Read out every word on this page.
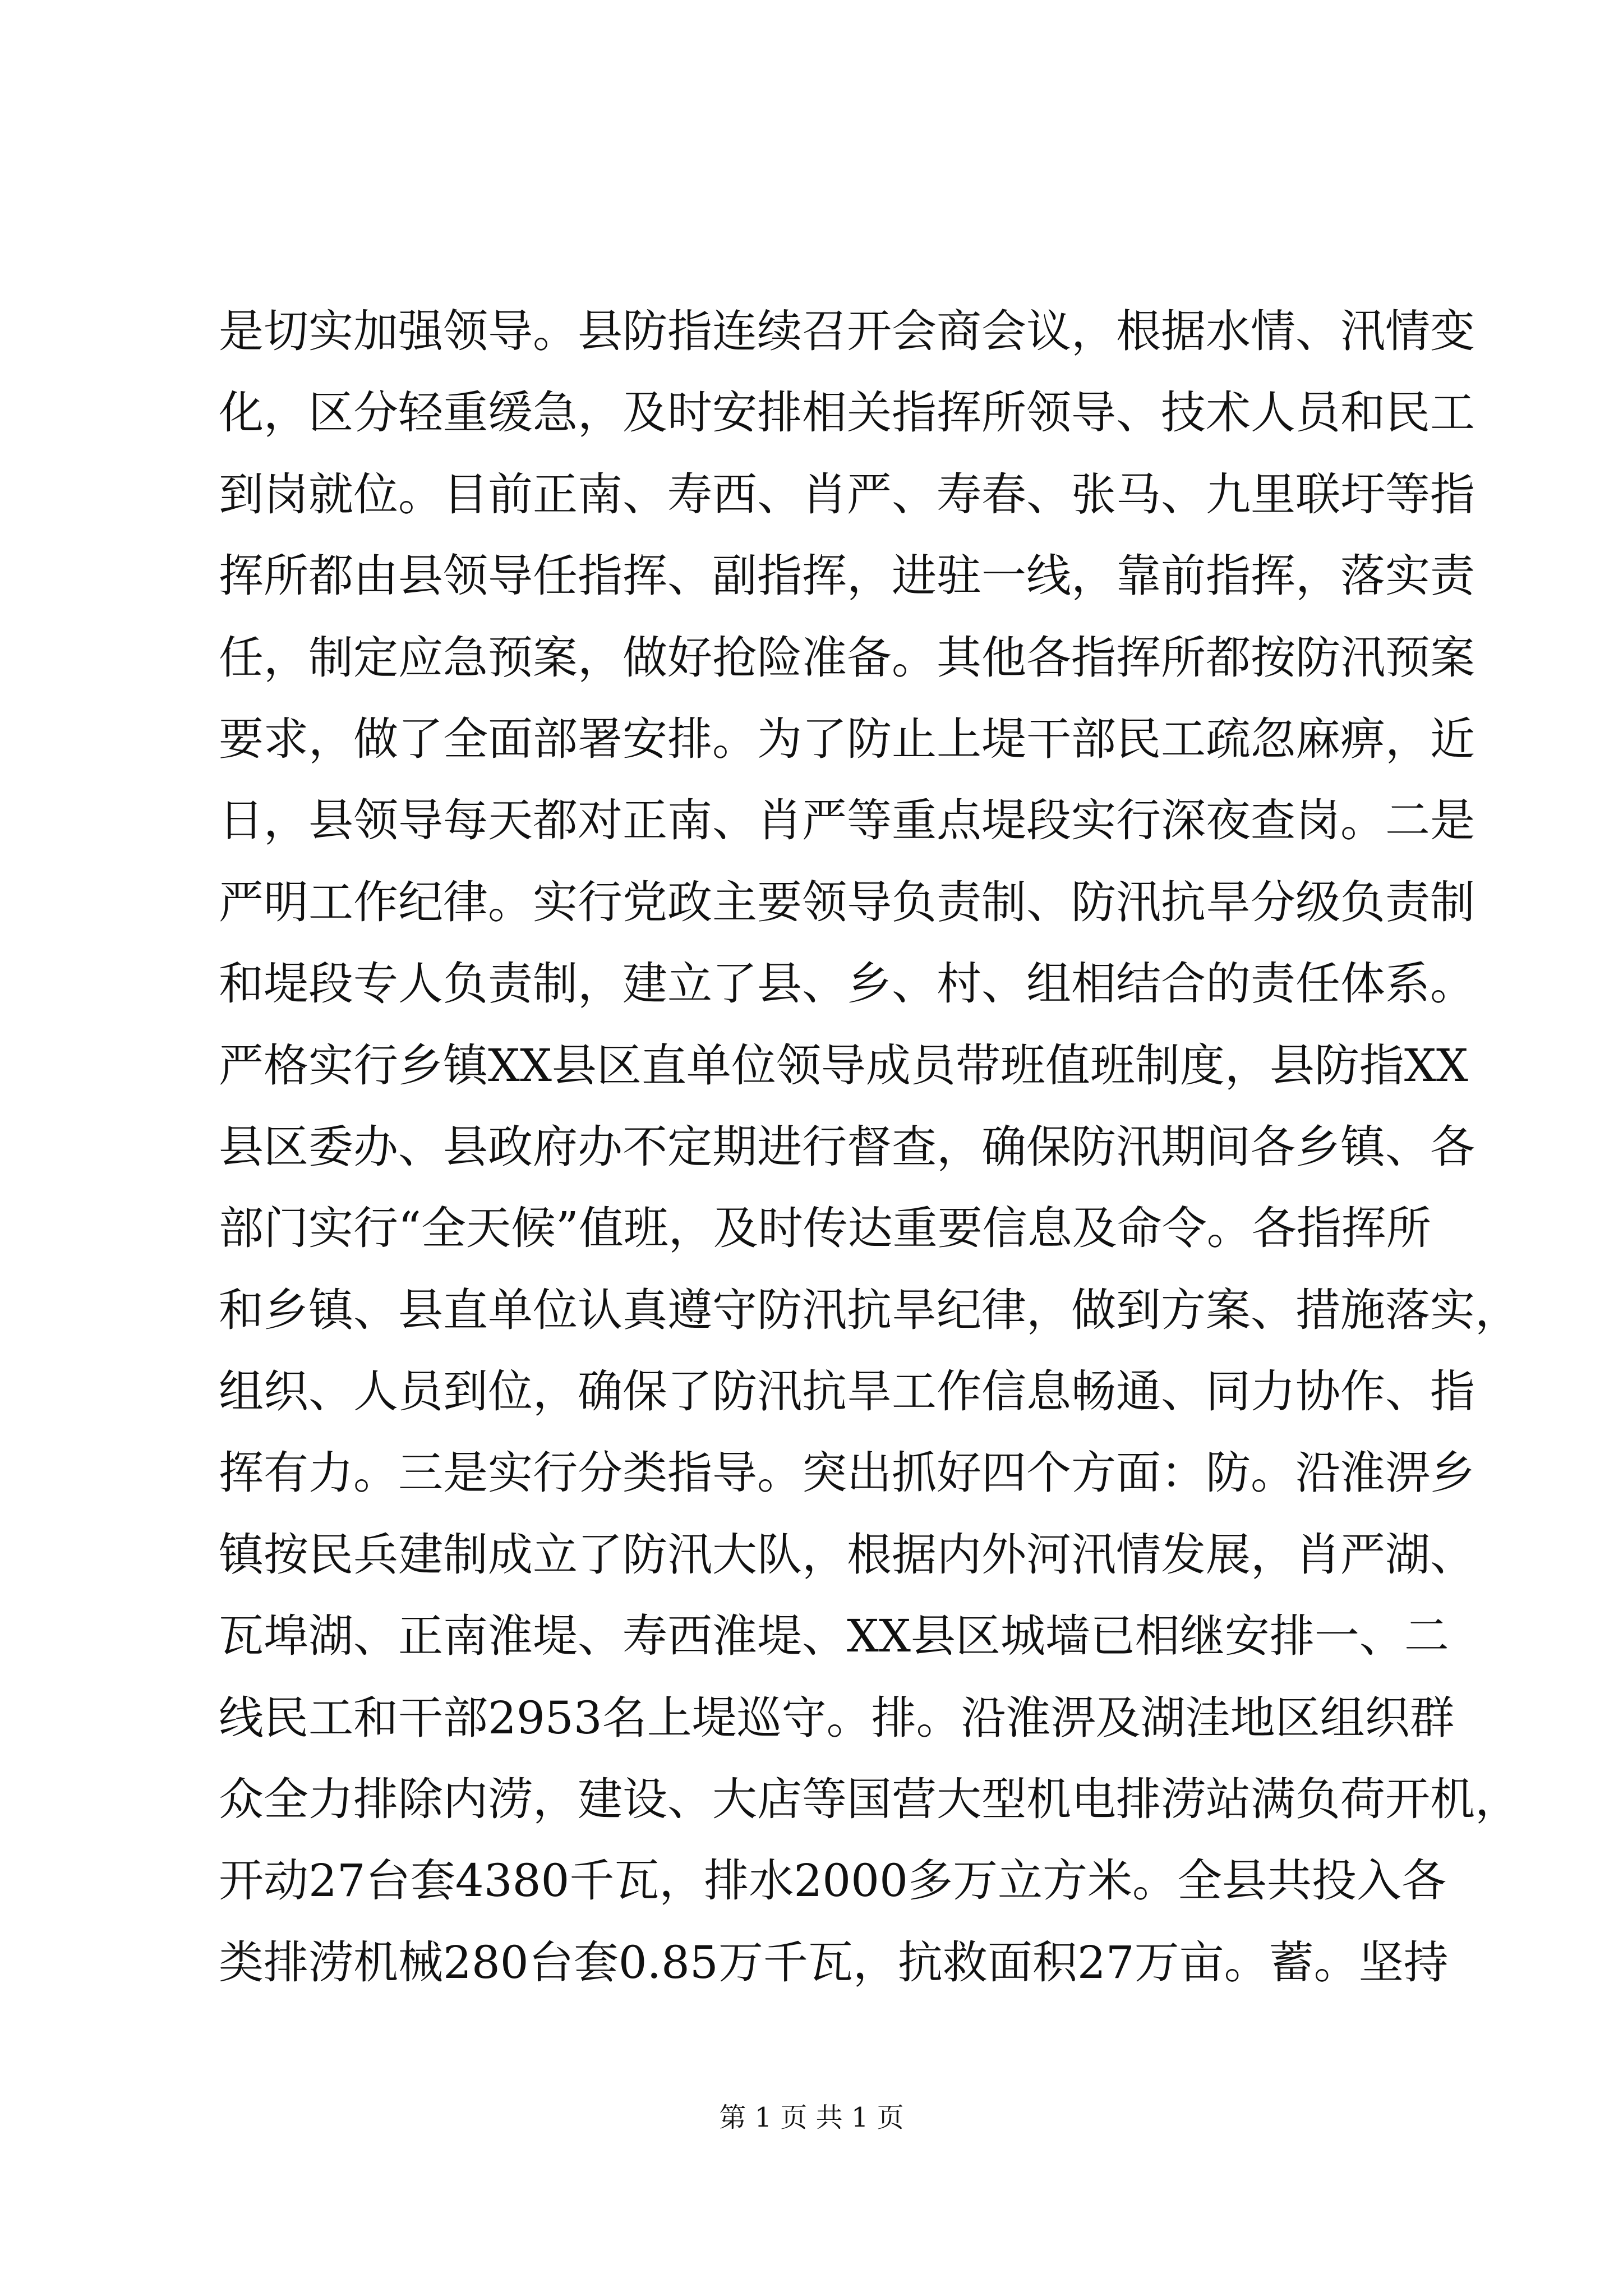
是切实加强领导。县防指连续召开会商会议，根据水情、汛情变
化，区分轻重缓急，及时安排相关指挥所领导、技术人员和民工
到岗就位。目前正南、寿西、肖严、寿春、张马、九里联圩等指
挥所都由县领导任指挥、副指挥，进驻一线，靠前指挥，落实责
任，制定应急预案，做好抢险准备。其他各指挥所都按防汛预案
要求，做了全面部署安排。为了防止上堤干部民工疏忽麻痹，近
日，县领导每天都对正南、肖严等重点堤段实行深夜查岗。二是
严明工作纪律。实行党政主要领导负责制、防汛抗旱分级负责制
和堤段专人负责制，建立了县、乡、村、组相结合的责任体系。
严格实行乡镇XX县区直单位领导成员带班值班制度，县防指XX
县区委办、县政府办不定期进行督查，确保防汛期间各乡镇、各
部门实行“全天候”值班，及时传达重要信息及命令。各指挥所
和乡镇、县直单位认真遵守防汛抗旱纪律，做到方案、措施落实，
组织、人员到位，确保了防汛抗旱工作信息畅通、同力协作、指
挥有力。三是实行分类指导。突出抓好四个方面：防。沿淮淠乡
镇按民兵建制成立了防汛大队，根据内外河汛情发展，肖严湖、
瓦埠湖、正南淮堤、寿西淮堤、XX县区城墙已相继安排一、二
线民工和干部2953名上堤巡守。排。沿淮淠及湖洼地区组织群
众全力排除内涝，建设、大店等国营大型机电排涝站满负荷开机，
开动27台套4380千瓦，排水2000多万立方米。全县共投入各
类排涝机械280台套0.85万千瓦，抗救面积27万亩。蓄。坚持
第 1 页 共 1 页
